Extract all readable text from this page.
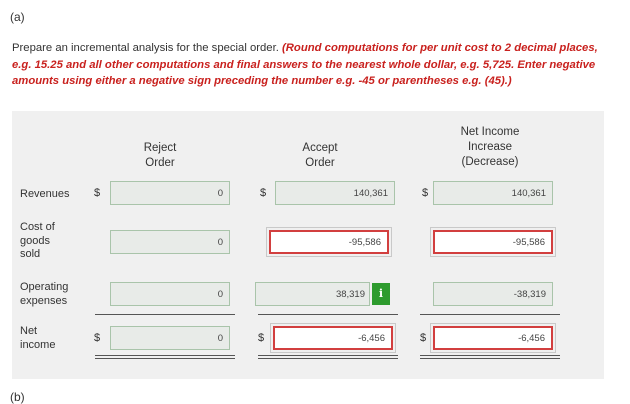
(a)
Prepare an incremental analysis for the special order. (Round computations for per unit cost to 2 decimal places, e.g. 15.25 and all other computations and final answers to the nearest whole dollar, e.g. 5,725. Enter negative amounts using either a negative sign preceding the number e.g. -45 or parentheses e.g. (45).)
Reject
Order
Accept
Order
Net Income
Increase
(Decrease)
Revenues $	0	$	140,361	$	140,361
Cost of
goods
sold
0	-95,586	-95,586
Operating
expenses	0	38,319	i	-38,319
Net
income
$	0	$	-6,456	$	-6,456
(b)
